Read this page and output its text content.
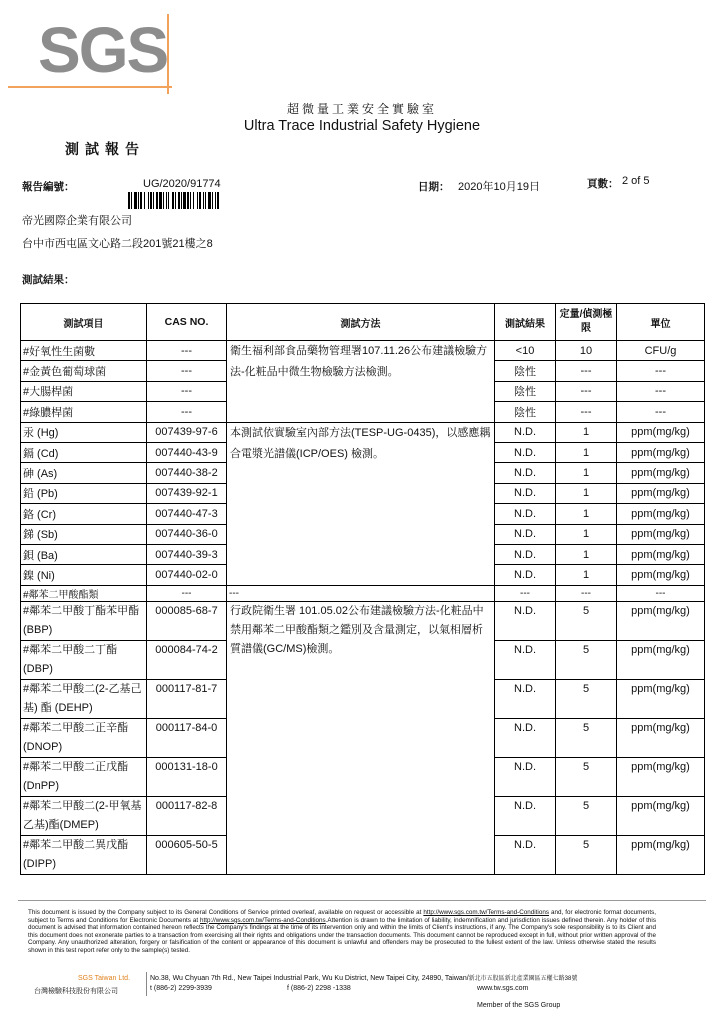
SGS
超微量工業安全實驗室
Ultra Trace Industrial Safety Hygiene
測試報告
報告編號：	UG/2020/91774	日期： 2020年10月19日	頁數： 2 of 5
帝光國際企業有限公司
台中市西屯區文心路二段201號21樓之8
測試結果：
測試項目	CAS NO.	測試方法	測試結果	定量/偵測極限	單位
#好氧性生菌數	---	衛生福利部食品藥物管理署107.11.26公布建議檢驗方法-化粧品中微生物檢驗方法檢測。	<10	10	CFU/g
#金黃色葡萄球菌	---		陰性	---	---
#大腸桿菌	---		陰性	---	---
#綠膿桿菌	---		陰性	---	---
汞 (Hg)	007439-97-6	本測試依實驗室內部方法(TESP-UG-0435)，以感應耦合電漿光譜儀(ICP/OES) 檢測。	N.D.	1	ppm(mg/kg)
鎘 (Cd)	007440-43-9		N.D.	1	ppm(mg/kg)
砷 (As)	007440-38-2		N.D.	1	ppm(mg/kg)
鉛 (Pb)	007439-92-1		N.D.	1	ppm(mg/kg)
鉻 (Cr)	007440-47-3		N.D.	1	ppm(mg/kg)
銻 (Sb)	007440-36-0		N.D.	1	ppm(mg/kg)
鋇 (Ba)	007440-39-3		N.D.	1	ppm(mg/kg)
鎳 (Ni)	007440-02-0		N.D.	1	ppm(mg/kg)
#鄰苯二甲酸酯類	---	---	---	---	---
#鄰苯二甲酸丁酯苯甲酯(BBP)	000085-68-7	行政院衛生署 101.05.02公布建議檢驗方法-化粧品中禁用鄰苯二甲酸酯類之鑑別及含量測定，以氣相層析質譜儀(GC/MS)檢測。	N.D.	5	ppm(mg/kg)
#鄰苯二甲酸二丁酯(DBP)	000084-74-2		N.D.	5	ppm(mg/kg)
#鄰苯二甲酸二(2-乙基己基) 酯 (DEHP)	000117-81-7		N.D.	5	ppm(mg/kg)
#鄰苯二甲酸二正辛酯(DNOP)	000117-84-0		N.D.	5	ppm(mg/kg)
#鄰苯二甲酸二正戊酯(DnPP)	000131-18-0		N.D.	5	ppm(mg/kg)
#鄰苯二甲酸二(2-甲氧基乙基)酯(DMEP)	000117-82-8		N.D.	5	ppm(mg/kg)
#鄰苯二甲酸二異戊酯(DIPP)	000605-50-5		N.D.	5	ppm(mg/kg)
This document is issued by the Company subject to its General Conditions of Service printed overleaf, available on request or accessible at http://www.sgs.com.tw/Terms-and-Conditions and, for electronic format documents, subject to Terms and Conditions for Electronic Documents at http://www.sgs.com.tw/Terms-and-Conditions.Attention is drawn to the limitation of liability, indemnification and jurisdiction issues defined therein. Any holder of this document is advised that information contained hereon reflects the Company's findings at the time of its intervention only and within the limits of Client's instructions, if any. The Company's sole responsibility is to its Client and this document does not exonerate parties to a transaction from exercising all their rights and obligations under the transaction documents. This document cannot be reproduced except in full, without prior written approval of the Company. Any unauthorized alteration, forgery or falsification of the content or appearance of this document is unlawful and offenders may be prosecuted to the fullest extent of the law. Unless otherwise stated the results shown in this test report refer only to the sample(s) tested.
SGS Taiwan Ltd.
台灣檢驗科技股份有限公司
No.38, Wu Chyuan 7th Rd., New Taipei Industrial Park, Wu Ku District, New Taipei City, 24890, Taiwan/新北市五股區新北產業園區五權七路38號
t (886-2) 2299-3939	f (886-2) 2298 -1338	www.tw.sgs.com
Member of the SGS Group
